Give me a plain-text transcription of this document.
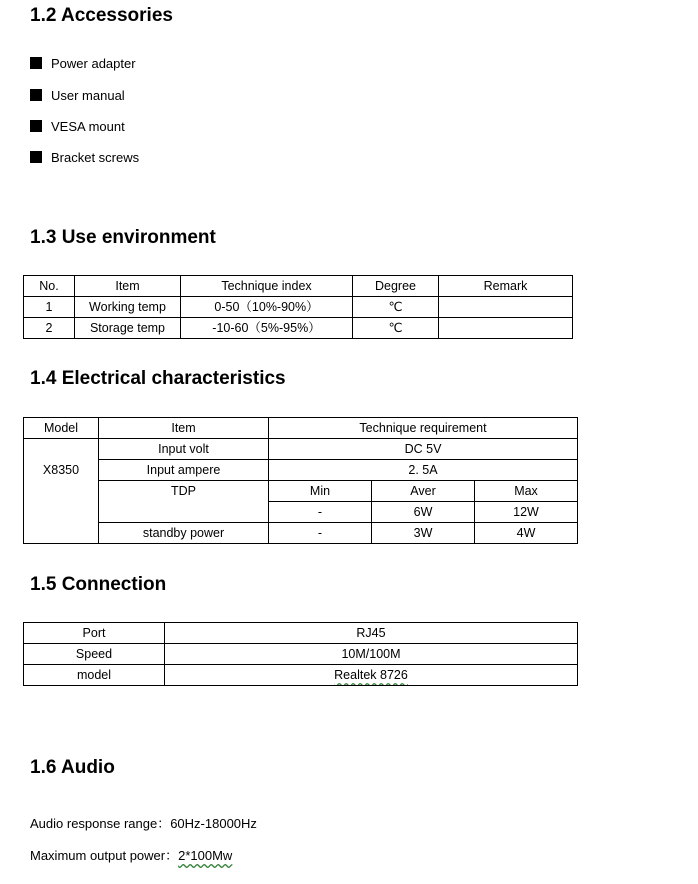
1.2 Accessories
Power adapter
User manual
VESA mount
Bracket screws
1.3 Use environment
No.	Item	Technique index	Degree	Remark
1	Working temp	0-50（10%-90%）	℃	
2	Storage temp	-10-60（5%-95%）	℃	
1.4 Electrical characteristics
Model	Item	Technique requirement		
X8350	Input volt	DC 5V		
	Input ampere	2. 5A		
	TDP	Min	Aver	Max
		-	6W	12W
	standby power	-	3W	4W
1.5 Connection
Port	RJ45
Speed	10M/100M
model	Realtek 8726
1.6 Audio
Audio response range：60Hz-18000Hz
Maximum output power：2*100Mw
